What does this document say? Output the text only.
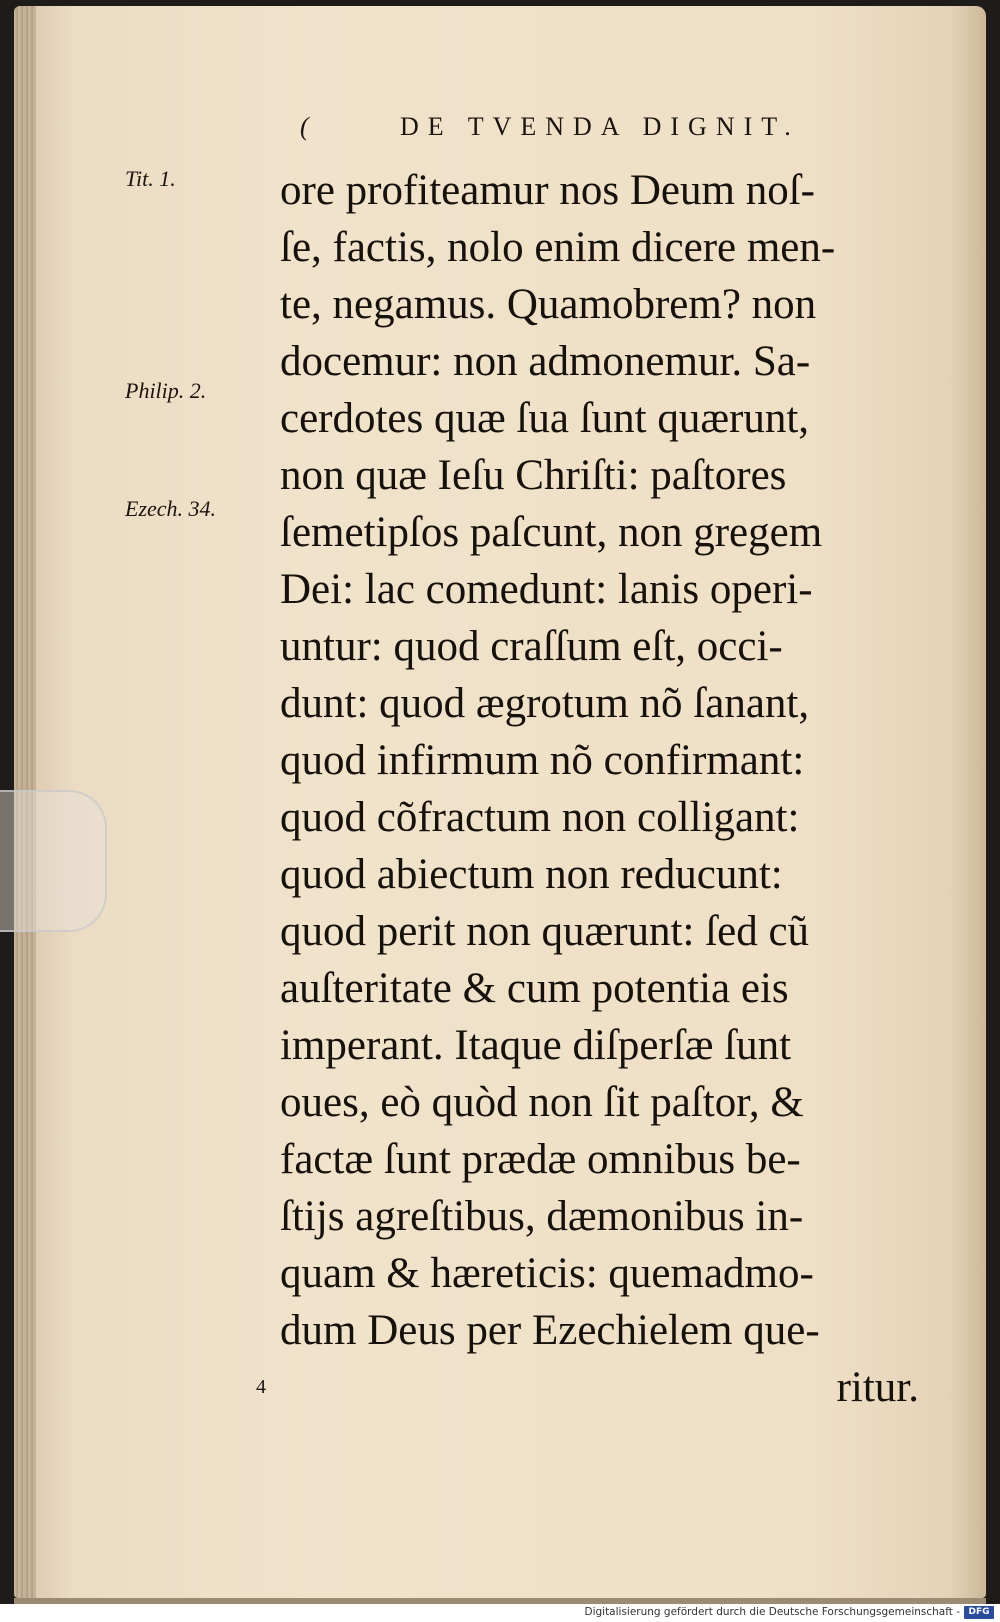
(	DE TVENDA DIGNIT.
Tit. 1.
Philip. 2.
Ezech. 34.
ore profiteamur nos Deum noſ-
ſe, factis, nolo enim dicere men-
te, negamus. Quamobrem? non
docemur: non admonemur. Sa-
cerdotes quæ ſua ſunt quærunt,
non quæ Ieſu Chriſti: paſtores
ſemetipſos paſcunt, non gregem
Dei: lac comedunt: lanis operi-
untur: quod craſſum eſt, occi-
dunt: quod ægrotum nõ ſanant,
quod infirmum nõ confirmant:
quod cõfractum non colligant:
quod abiectum non reducunt:
quod perit non quærunt: ſed cũ
auſteritate & cum potentia eis
imperant. Itaque diſperſæ ſunt
oues, eò quòd non ſit paſtor, &
factæ ſunt prædæ omnibus be-
ſtijs agreſtibus, dæmonibus in-
quam & hæreticis: quemadmo-
dum Deus per Ezechielem que-
ritur.
4
Digitalisierung gefördert durch die Deutsche Forschungsgemeinschaft - DFG
